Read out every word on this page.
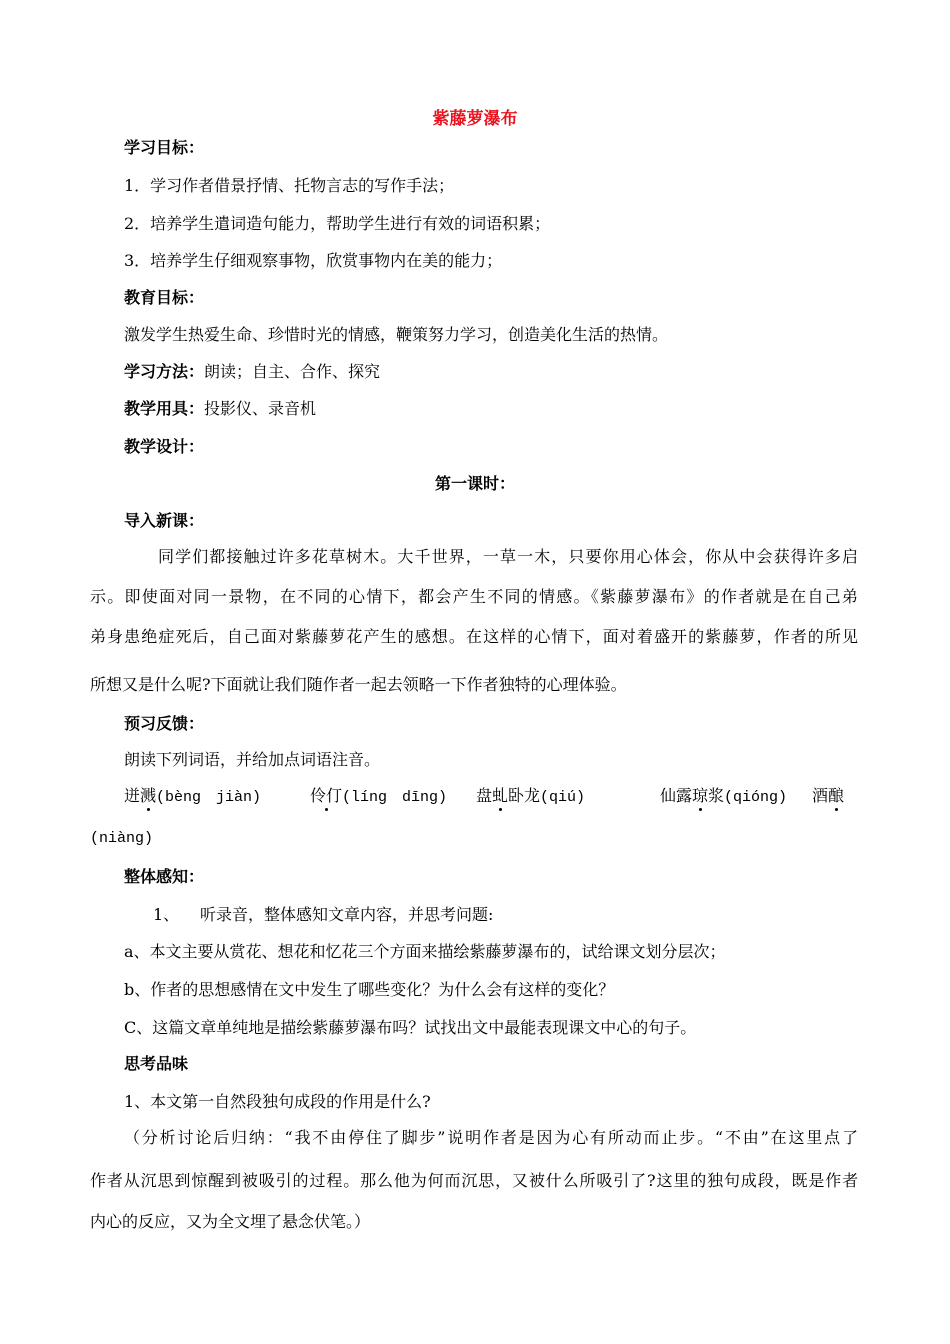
紫藤萝瀑布
学习目标：
1．学习作者借景抒情、托物言志的写作手法；
2．培养学生遣词造句能力，帮助学生进行有效的词语积累；
3．培养学生仔细观察事物，欣赏事物内在美的能力；
教育目标：
激发学生热爱生命、珍惜时光的情感，鞭策努力学习，创造美化生活的热情。
学习方法：朗读；自主、合作、探究
教学用具：投影仪、录音机
教学设计：
第一课时：
导入新课：
同学们都接触过许多花草树木。大千世界，一草一木，只要你用心体会，你从中会获得许多启
示。即使面对同一景物，在不同的心情下，都会产生不同的情感。《紫藤萝瀑布》的作者就是在自己弟
弟身患绝症死后，自己面对紫藤萝花产生的感想。在这样的心情下，面对着盛开的紫藤萝，作者的所见
所想又是什么呢?下面就让我们随作者一起去领略一下作者独特的心理体验。
预习反馈：
朗读下列词语，并给加点词语注音。
迸溅(bèng　jiàn)	伶仃(líng　dīng) 盘虬卧龙(qiú)	仙露琼浆(qióng) 酒酿
(niàng)
整体感知：
1、 听录音，整体感知文章内容，并思考问题:
a、本文主要从赏花、想花和忆花三个方面来描绘紫藤萝瀑布的，试给课文划分层次；
b、作者的思想感情在文中发生了哪些变化？为什么会有这样的变化？
C、这篇文章单纯地是描绘紫藤萝瀑布吗？试找出文中最能表现课文中心的句子。
思考品味
1、本文第一自然段独句成段的作用是什么?
（分析讨论后归纳：“我不由停住了脚步”说明作者是因为心有所动而止步。“不由”在这里点了
作者从沉思到惊醒到被吸引的过程。那么他为何而沉思，又被什么所吸引了?这里的独句成段，既是作者
内心的反应，又为全文埋了悬念伏笔。）
